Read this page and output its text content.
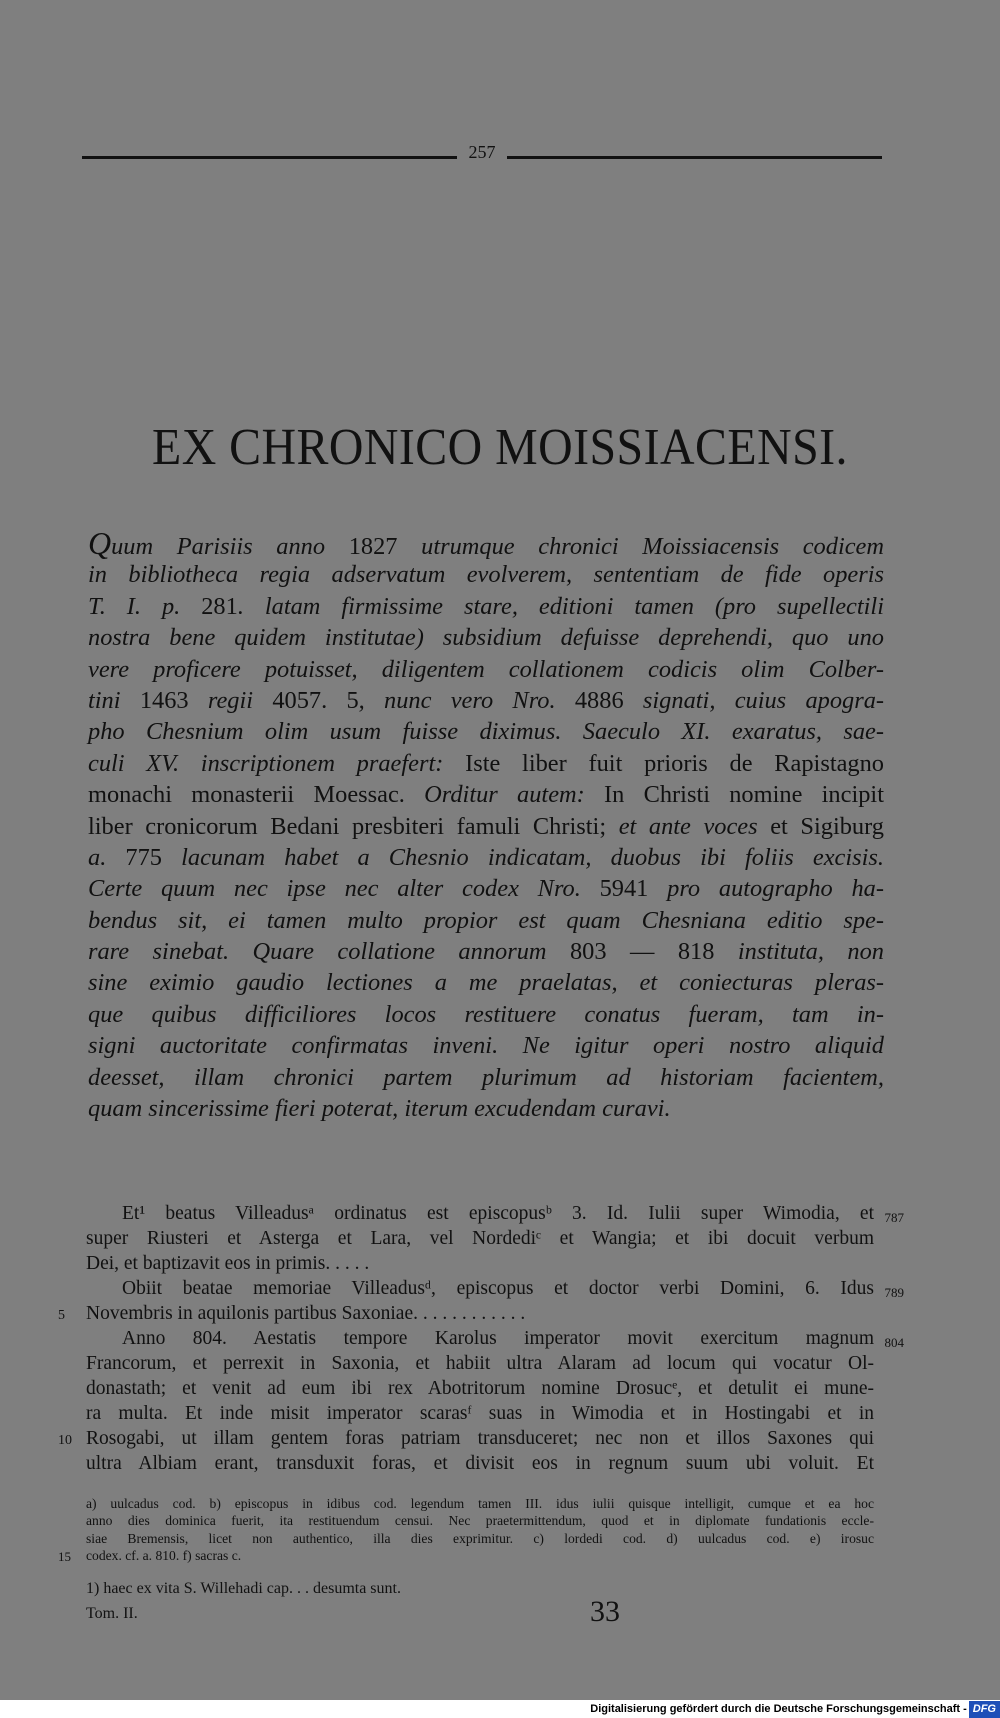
257
EX CHRONICO MOISSIACENSI.
Quum Parisiis anno 1827 utrumque chronici Moissiacensis codicem
in bibliotheca regia adservatum evolverem, sententiam de fide operis
T. I. p. 281. latam firmissime stare, editioni tamen (pro supellectili
nostra bene quidem institutae) subsidium defuisse deprehendi, quo uno
vere proficere potuisset, diligentem collationem codicis olim Colber-
tini 1463 regii 4057. 5, nunc vero Nro. 4886 signati, cuius apogra-
pho Chesnium olim usum fuisse diximus. Saeculo XI. exaratus, sae-
culi XV. inscriptionem praefert: Iste liber fuit prioris de Rapistagno
monachi monasterii Moessac. Orditur autem: In Christi nomine incipit
liber cronicorum Bedani presbiteri famuli Christi; et ante voces et Sigiburg
a. 775 lacunam habet a Chesnio indicatam, duobus ibi foliis excisis.
Certe quum nec ipse nec alter codex Nro. 5941 pro autographo ha-
bendus sit, ei tamen multo propior est quam Chesniana editio spe-
rare sinebat. Quare collatione annorum 803 — 818 instituta, non
sine eximio gaudio lectiones a me praelatas, et coniecturas pleras-
que quibus difficiliores locos restituere conatus fueram, tam in-
signi auctoritate confirmatas inveni. Ne igitur operi nostro aliquid
deesset, illam chronici partem plurimum ad historiam facientem,
quam sincerissime fieri poterat, iterum excudendam curavi.
Et¹ beatus Villeadusᵃ ordinatus est episcopusᵇ 3. Id. Iulii super Wimodia, et 787
super Riusteri et Asterga et Lara, vel Nordediᶜ et Wangia; et ibi docuit verbum
Dei, et baptizavit eos in primis. . . . .
Obiit beatae memoriae Villeadusᵈ, episcopus et doctor verbi Domini, 6. Idus 789
5	Novembris in aquilonis partibus Saxoniae. . . . . . . . . . . .
Anno 804. Aestatis tempore Karolus imperator movit exercitum magnum 804
Francorum, et perrexit in Saxonia, et habiit ultra Alaram ad locum qui vocatur Ol-
donastath; et venit ad eum ibi rex Abotritorum nomine Drosucᵉ, et detulit ei mune-
ra multa. Et inde misit imperator scarasᶠ suas in Wimodia et in Hostingabi et in
10 Rosogabi, ut illam gentem foras patriam transduceret; nec non et illos Saxones qui
ultra Albiam erant, transduxit foras, et divisit eos in regnum suum ubi voluit. Et
a) uulcadus cod. b) episcopus in idibus cod. legendum tamen III. idus iulii quisque intelligit, cumque et ea hoc
anno dies dominica fuerit, ita restituendum censui. Nec praetermittendum, quod et in diplomate fundationis eccle-
siae Bremensis, licet non authentico, illa dies exprimitur. c) lordedi cod. d) uulcadus cod. e) irosuc
15 codex. cf. a. 810. f) sacras c.
1) haec ex vita S. Willehadi cap. . . desumta sunt.
Tom. II.	33
Digitalisierung gefördert durch die Deutsche Forschungsgemeinschaft - DFG
